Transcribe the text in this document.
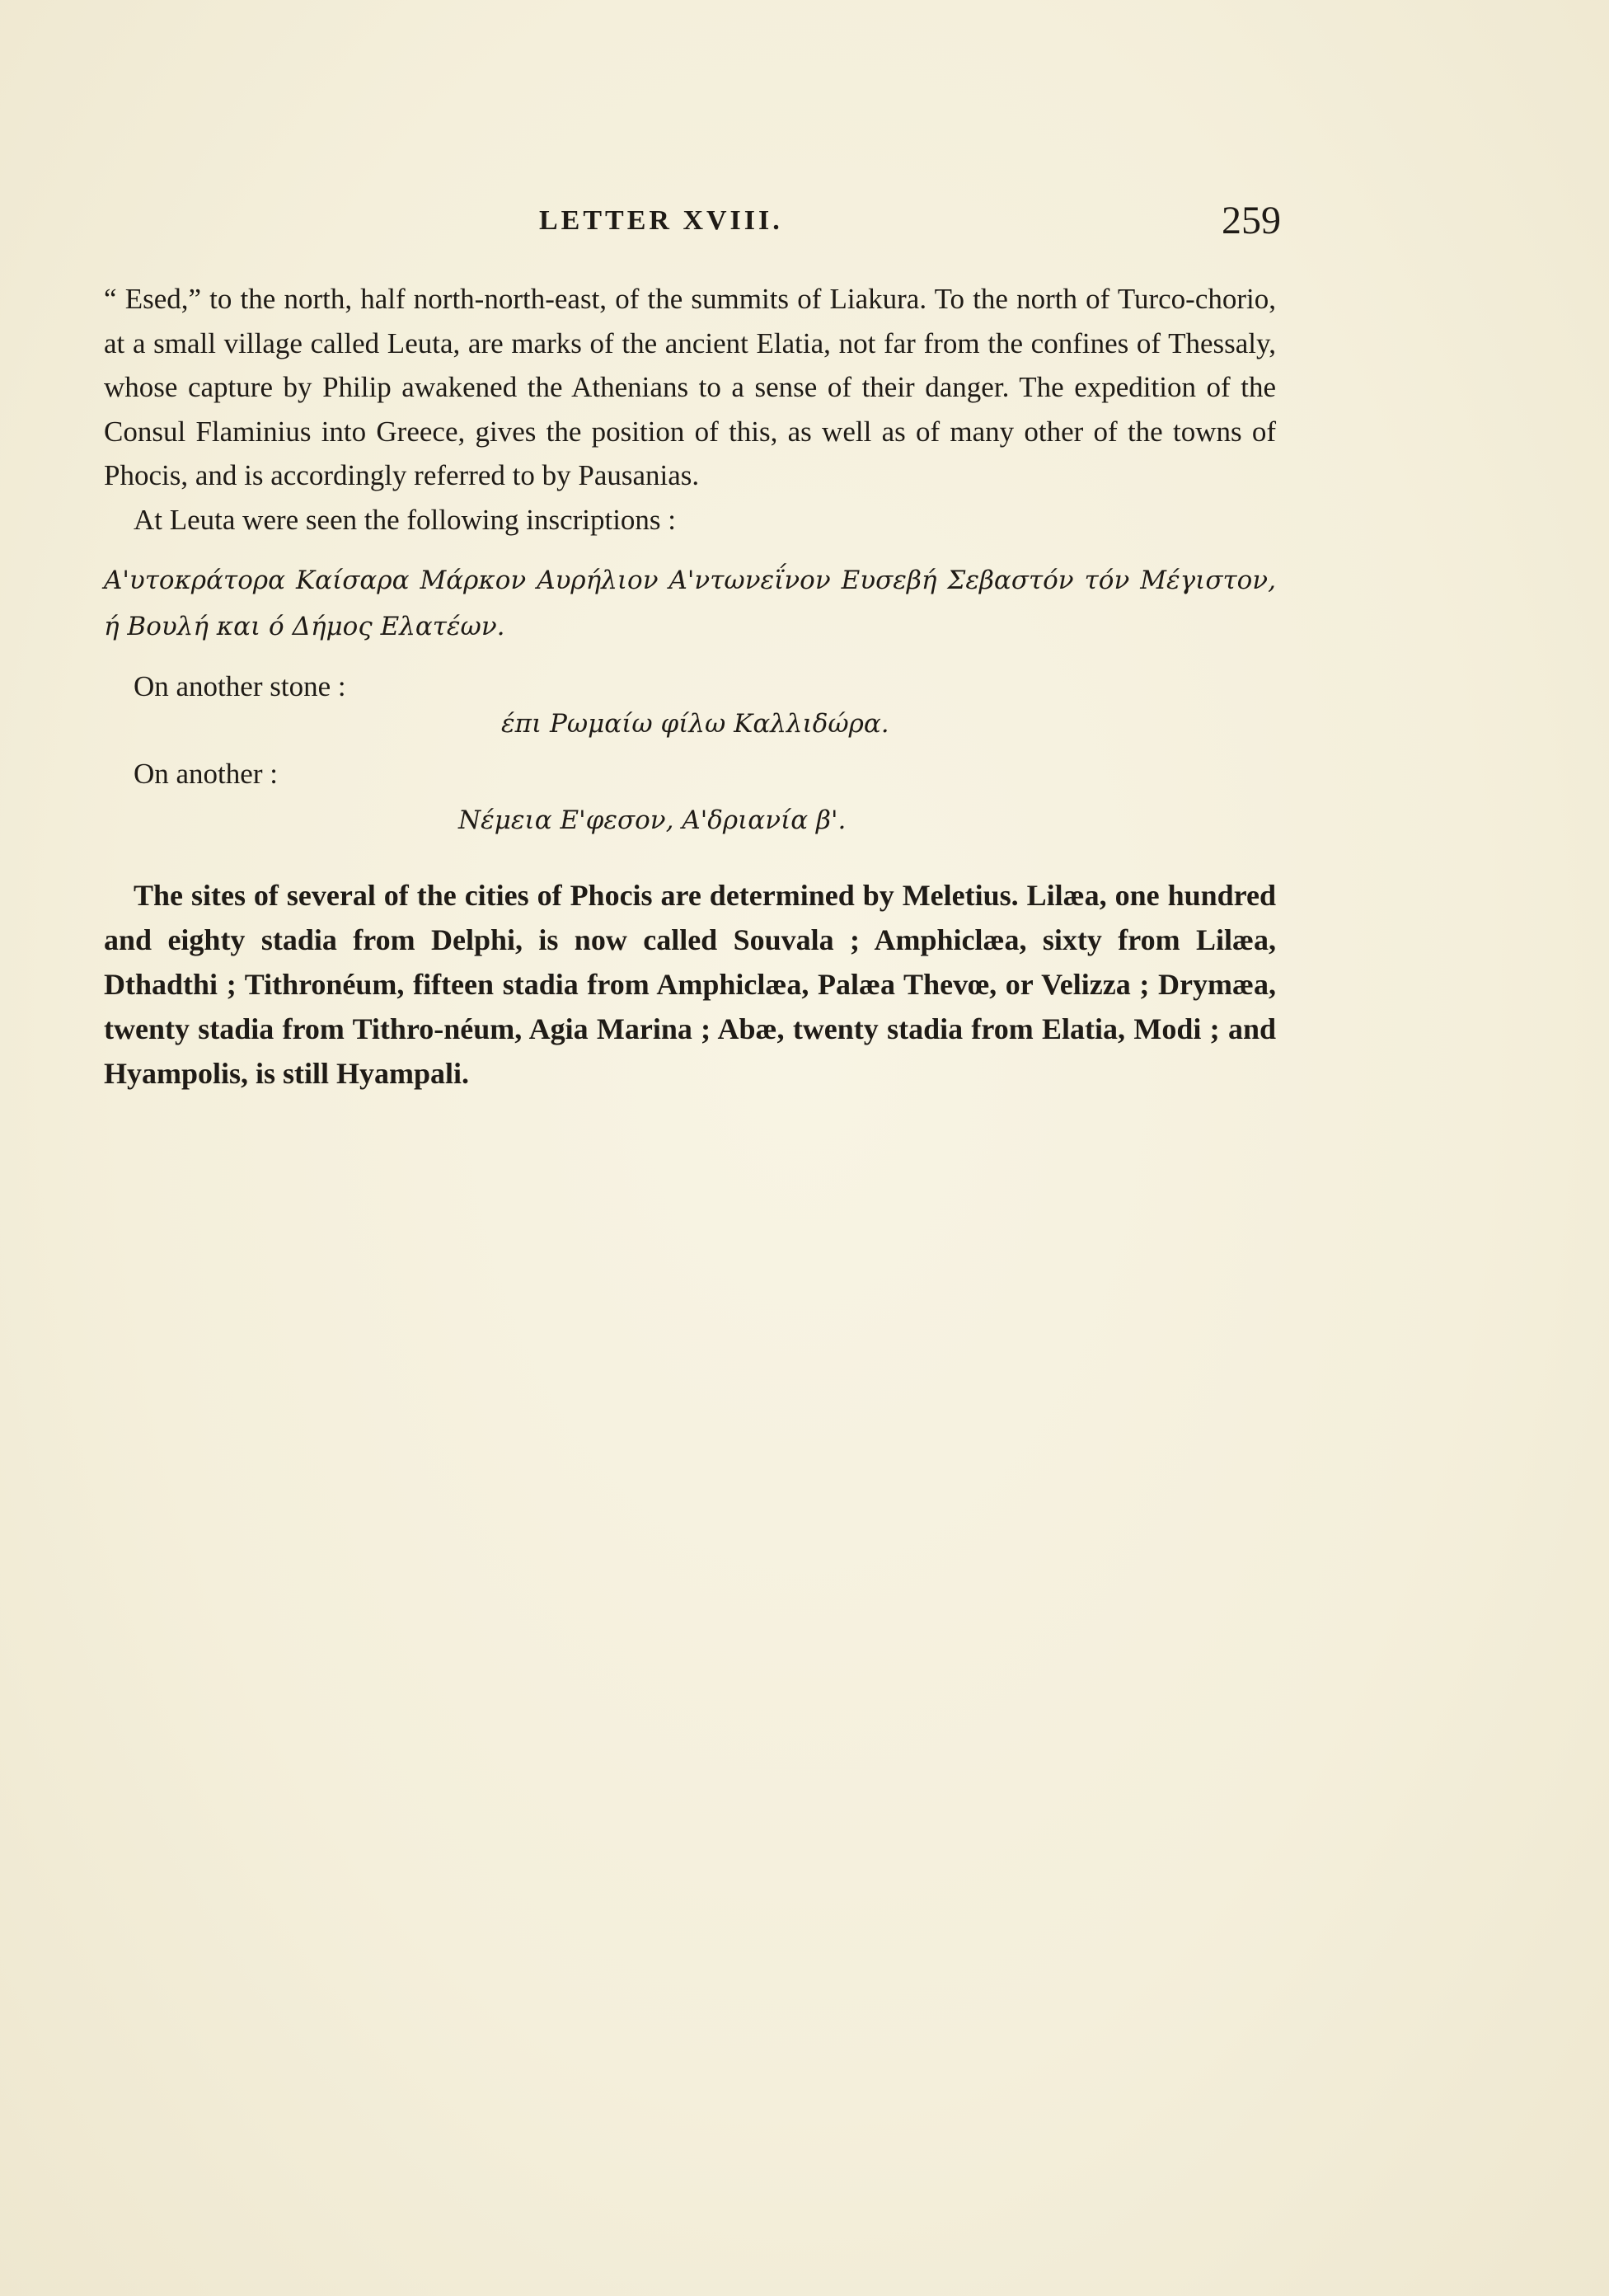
LETTER XVIII.	259

“ Esed,” to the north, half north-north-east, of the summits of Liakura. To the north of Turco-chorio, at a small village called Leuta, are marks of the ancient Elatia, not far from the confines of Thessaly, whose capture by Philip awakened the Athenians to a sense of their danger. The expedition of the Consul Flaminius into Greece, gives the position of this, as well as of many other of the towns of Phocis, and is accordingly referred to by Pausanias.

At Leuta were seen the following inscriptions :

Α'υτοκράτορα Καίσαρα Μάρκον Αυρήλιον Α'ντωνεΐνον Ευσεβή Σεβαστόν τόν Μέγιστον, ή Βουλή και ό Δήμος Ελατέων.

On another stone :

έπι Ρωμαίω φίλω Καλλιδώρα.

On another :

Νέμεια Ε'φεσον, Α'δριανία β'.

The sites of several of the cities of Phocis are determined by Meletius. Lilæa, one hundred and eighty stadia from Delphi, is now called Souvala ; Amphiclæa, sixty from Lilæa, Dthadthi ; Tithronéum, fifteen stadia from Amphiclæa, Palæa Thevœ, or Velizza ; Drymæa, twenty stadia from Tithro-néum, Agia Marina ; Abæ, twenty stadia from Elatia, Modi ; and Hyampolis, is still Hyampali.
